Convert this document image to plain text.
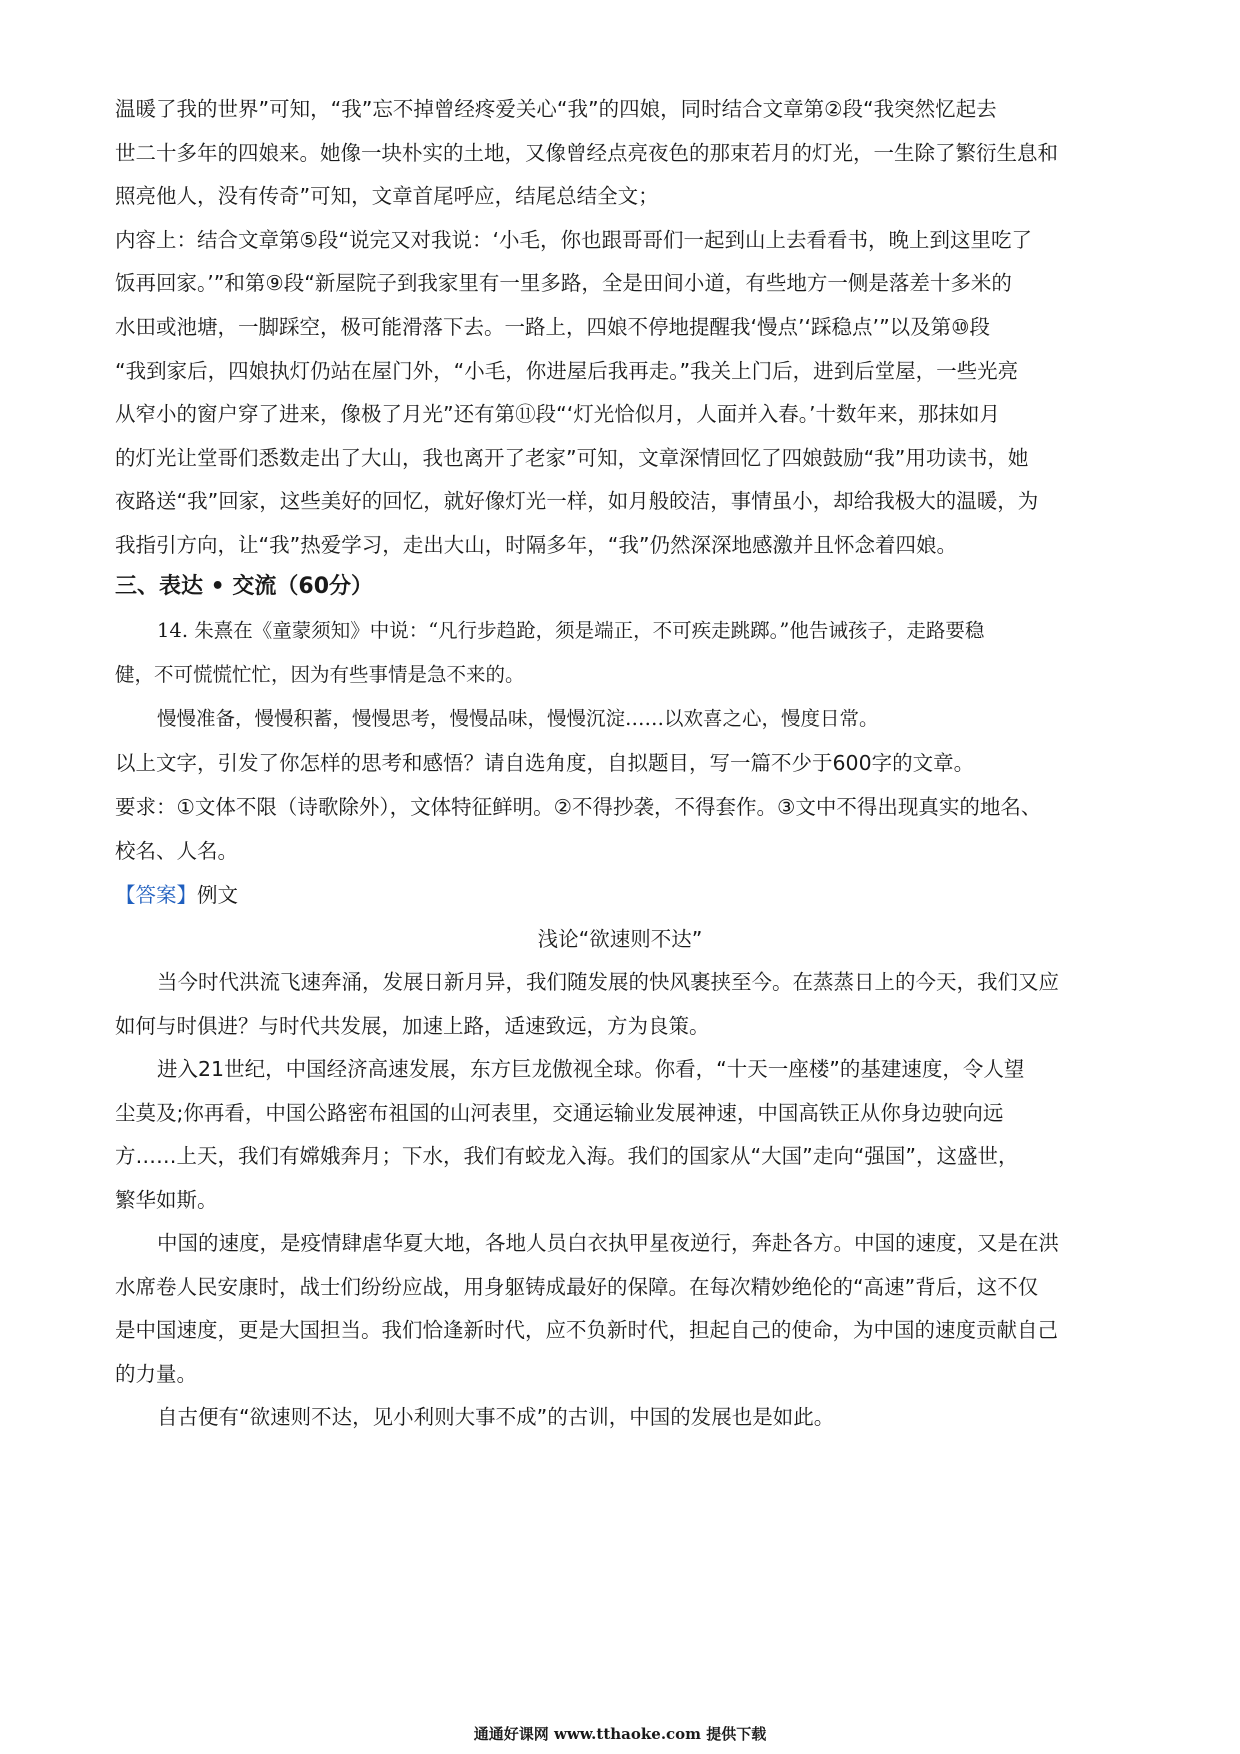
温暖了我的世界”可知，“我”忘不掉曾经疼爱关心“我”的四娘，同时结合文章第②段“我突然忆起去
世二十多年的四娘来。她像一块朴实的土地，又像曾经点亮夜色的那束若月的灯光，一生除了繁衍生息和
照亮他人，没有传奇”可知，文章首尾呼应，结尾总结全文；
内容上：结合文章第⑤段“说完又对我说：‘小毛，你也跟哥哥们一起到山上去看看书，晚上到这里吃了
饭再回家。’”和第⑨段“新屋院子到我家里有一里多路，全是田间小道，有些地方一侧是落差十多米的
水田或池塘，一脚踩空，极可能滑落下去。一路上，四娘不停地提醒我‘慢点’‘踩稳点’”以及第⑩段
“我到家后，四娘执灯仍站在屋门外，“小毛，你进屋后我再走。”我关上门后，进到后堂屋，一些光亮
从窄小的窗户穿了进来，像极了月光”还有第⑪段“‘灯光恰似月，人面并入春。’十数年来，那抹如月
的灯光让堂哥们悉数走出了大山，我也离开了老家”可知，文章深情回忆了四娘鼓励“我”用功读书，她
夜路送“我”回家，这些美好的回忆，就好像灯光一样，如月般皎洁，事情虽小，却给我极大的温暖，为
我指引方向，让“我”热爱学习，走出大山，时隔多年，“我”仍然深深地感激并且怀念着四娘。
三、表达 • 交流（60分）
14. 朱熹在《童蒙须知》中说：“凡行步趋跄，须是端正，不可疾走跳踯。”他告诫孩子，走路要稳
健，不可慌慌忙忙，因为有些事情是急不来的。
慢慢准备，慢慢积蓄，慢慢思考，慢慢品味，慢慢沉淀……以欢喜之心，慢度日常。
以上文字，引发了你怎样的思考和感悟？请自选角度，自拟题目，写一篇不少于600字的文章。
要求：①文体不限（诗歌除外），文体特征鲜明。②不得抄袭，不得套作。③文中不得出现真实的地名、
校名、人名。
【答案】例文
浅论“欲速则不达”
当今时代洪流飞速奔涌，发展日新月异，我们随发展的快风裹挟至今。在蒸蒸日上的今天，我们又应
如何与时俱进？与时代共发展，加速上路，适速致远，方为良策。
进入21世纪，中国经济高速发展，东方巨龙傲视全球。你看，“十天一座楼”的基建速度，令人望
尘莫及;你再看，中国公路密布祖国的山河表里，交通运输业发展神速，中国高铁正从你身边驶向远
方……上天，我们有嫦娥奔月；下水，我们有蛟龙入海。我们的国家从“大国”走向“强国”，这盛世，
繁华如斯。
中国的速度，是疫情肆虐华夏大地，各地人员白衣执甲星夜逆行，奔赴各方。中国的速度，又是在洪
水席卷人民安康时，战士们纷纷应战，用身躯铸成最好的保障。在每次精妙绝伦的“高速”背后，这不仅
是中国速度，更是大国担当。我们恰逢新时代，应不负新时代，担起自己的使命，为中国的速度贡献自己
的力量。
自古便有“欲速则不达，见小利则大事不成”的古训，中国的发展也是如此。
通通好课网 www.tthaoke.com 提供下载
